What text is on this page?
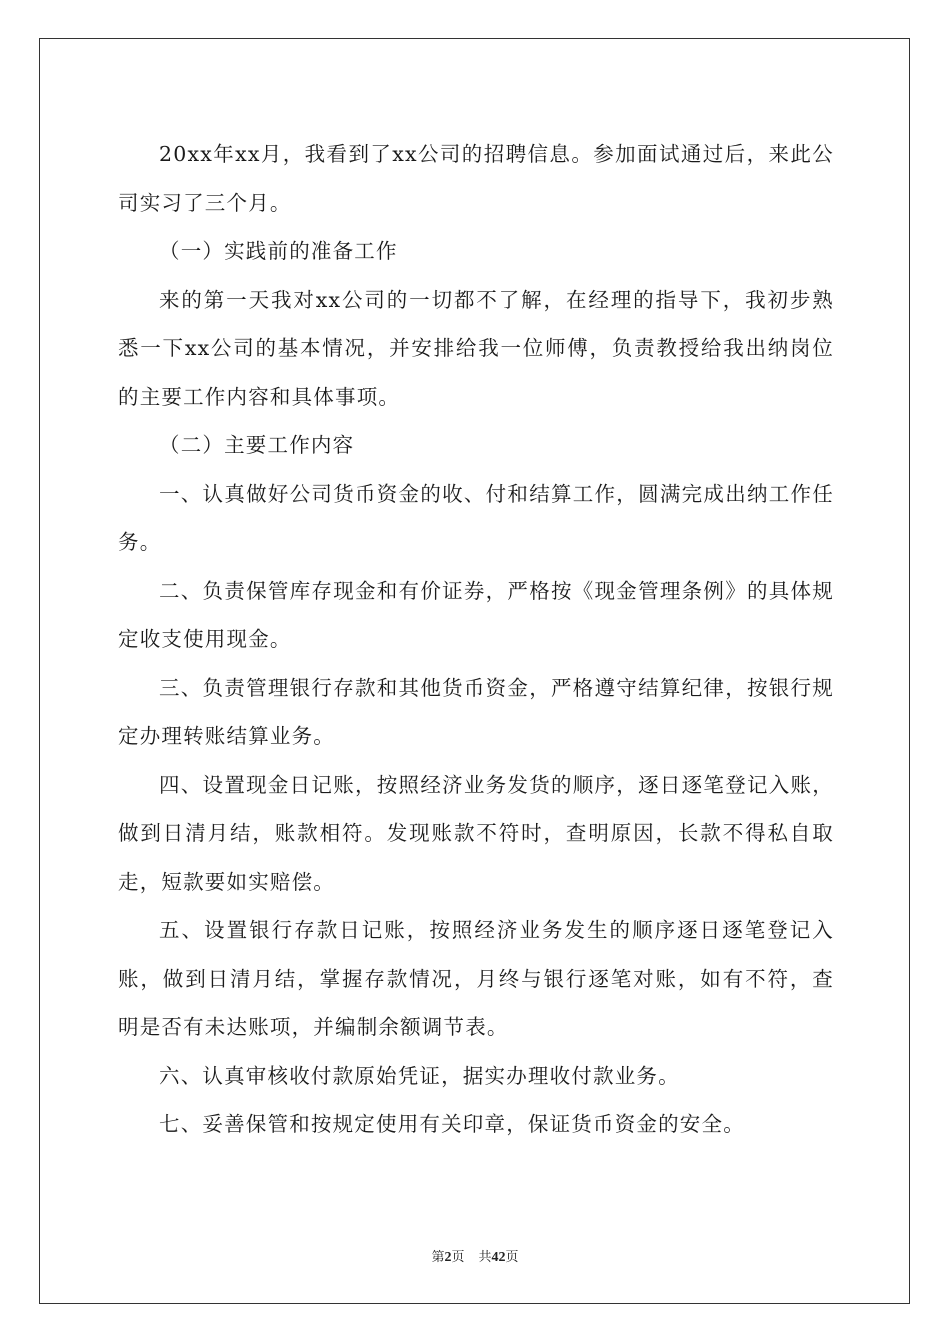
20xx年xx月，我看到了xx公司的招聘信息。参加面试通过后，来此公司实习了三个月。

（一）实践前的准备工作

来的第一天我对xx公司的一切都不了解，在经理的指导下，我初步熟悉一下xx公司的基本情况，并安排给我一位师傅，负责教授给我出纳岗位的主要工作内容和具体事项。

（二）主要工作内容

一、认真做好公司货币资金的收、付和结算工作，圆满完成出纳工作任务。

二、负责保管库存现金和有价证券，严格按《现金管理条例》的具体规定收支使用现金。

三、负责管理银行存款和其他货币资金，严格遵守结算纪律，按银行规定办理转账结算业务。

四、设置现金日记账，按照经济业务发货的顺序，逐日逐笔登记入账，做到日清月结，账款相符。发现账款不符时，查明原因，长款不得私自取走，短款要如实赔偿。

五、设置银行存款日记账，按照经济业务发生的顺序逐日逐笔登记入账，做到日清月结，掌握存款情况，月终与银行逐笔对账，如有不符，查明是否有未达账项，并编制余额调节表。

六、认真审核收付款原始凭证，据实办理收付款业务。

七、妥善保管和按规定使用有关印章，保证货币资金的安全。

第2页 共42页
